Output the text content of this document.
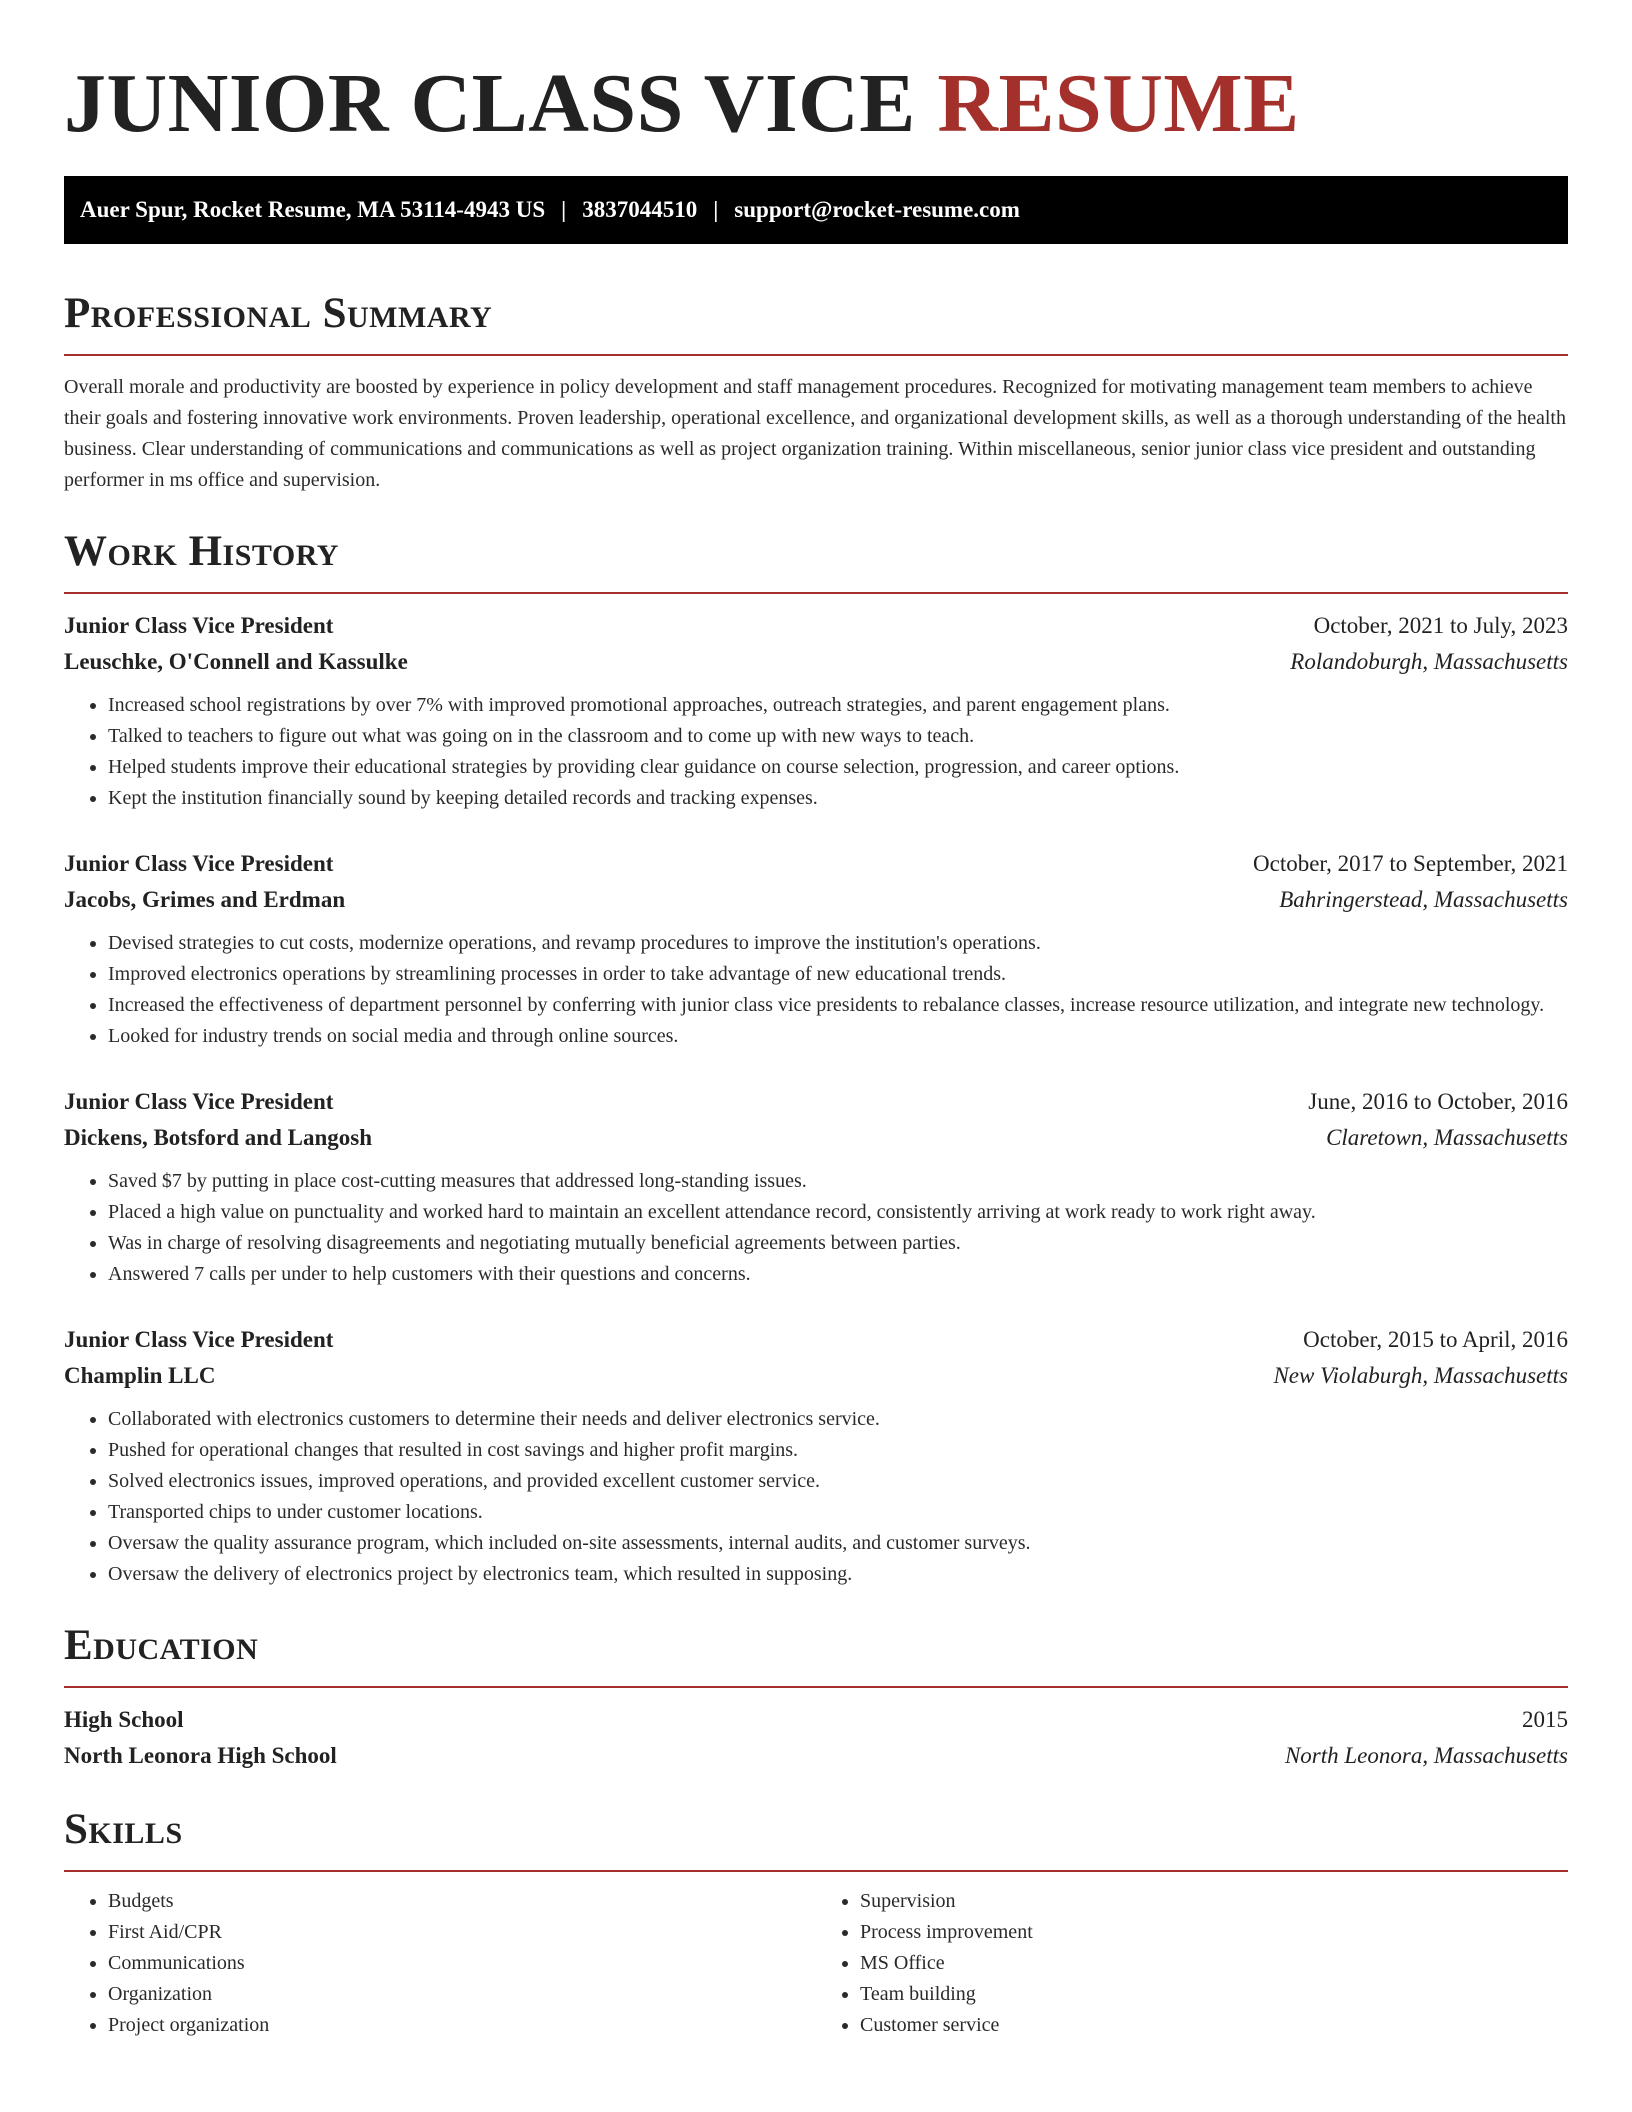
JUNIOR CLASS VICE RESUME
Auer Spur, Rocket Resume, MA 53114-4943 US | 3837044510 | support@rocket-resume.com
Professional Summary

Overall morale and productivity are boosted by experience in policy development and staff management procedures. Recognized for motivating management team members to achieve their goals and fostering innovative work environments. Proven leadership, operational excellence, and organizational development skills, as well as a thorough understanding of the health business. Clear understanding of communications and communications as well as project organization training. Within miscellaneous, senior junior class vice president and outstanding performer in ms office and supervision.

Work History
Junior Class Vice President	October, 2021 to July, 2023
Leuschke, O'Connell and Kassulke	Rolandoburgh, Massachusetts
• Increased school registrations by over 7% with improved promotional approaches, outreach strategies, and parent engagement plans.
• Talked to teachers to figure out what was going on in the classroom and to come up with new ways to teach.
• Helped students improve their educational strategies by providing clear guidance on course selection, progression, and career options.
• Kept the institution financially sound by keeping detailed records and tracking expenses.
Junior Class Vice President	October, 2017 to September, 2021
Jacobs, Grimes and Erdman	Bahringerstead, Massachusetts
• Devised strategies to cut costs, modernize operations, and revamp procedures to improve the institution's operations.
• Improved electronics operations by streamlining processes in order to take advantage of new educational trends.
• Increased the effectiveness of department personnel by conferring with junior class vice presidents to rebalance classes, increase resource utilization, and integrate new technology.
• Looked for industry trends on social media and through online sources.
Junior Class Vice President	June, 2016 to October, 2016
Dickens, Botsford and Langosh	Claretown, Massachusetts
• Saved $7 by putting in place cost-cutting measures that addressed long-standing issues.
• Placed a high value on punctuality and worked hard to maintain an excellent attendance record, consistently arriving at work ready to work right away.
• Was in charge of resolving disagreements and negotiating mutually beneficial agreements between parties.
• Answered 7 calls per under to help customers with their questions and concerns.
Junior Class Vice President	October, 2015 to April, 2016
Champlin LLC	New Violaburgh, Massachusetts
• Collaborated with electronics customers to determine their needs and deliver electronics service.
• Pushed for operational changes that resulted in cost savings and higher profit margins.
• Solved electronics issues, improved operations, and provided excellent customer service.
• Transported chips to under customer locations.
• Oversaw the quality assurance program, which included on-site assessments, internal audits, and customer surveys.
• Oversaw the delivery of electronics project by electronics team, which resulted in supposing.
Education
High School	2015
North Leonora High School	North Leonora, Massachusetts
Skills
• Budgets
• First Aid/CPR
• Communications
• Organization
• Project organization
• Supervision
• Process improvement
• MS Office
• Team building
• Customer service
